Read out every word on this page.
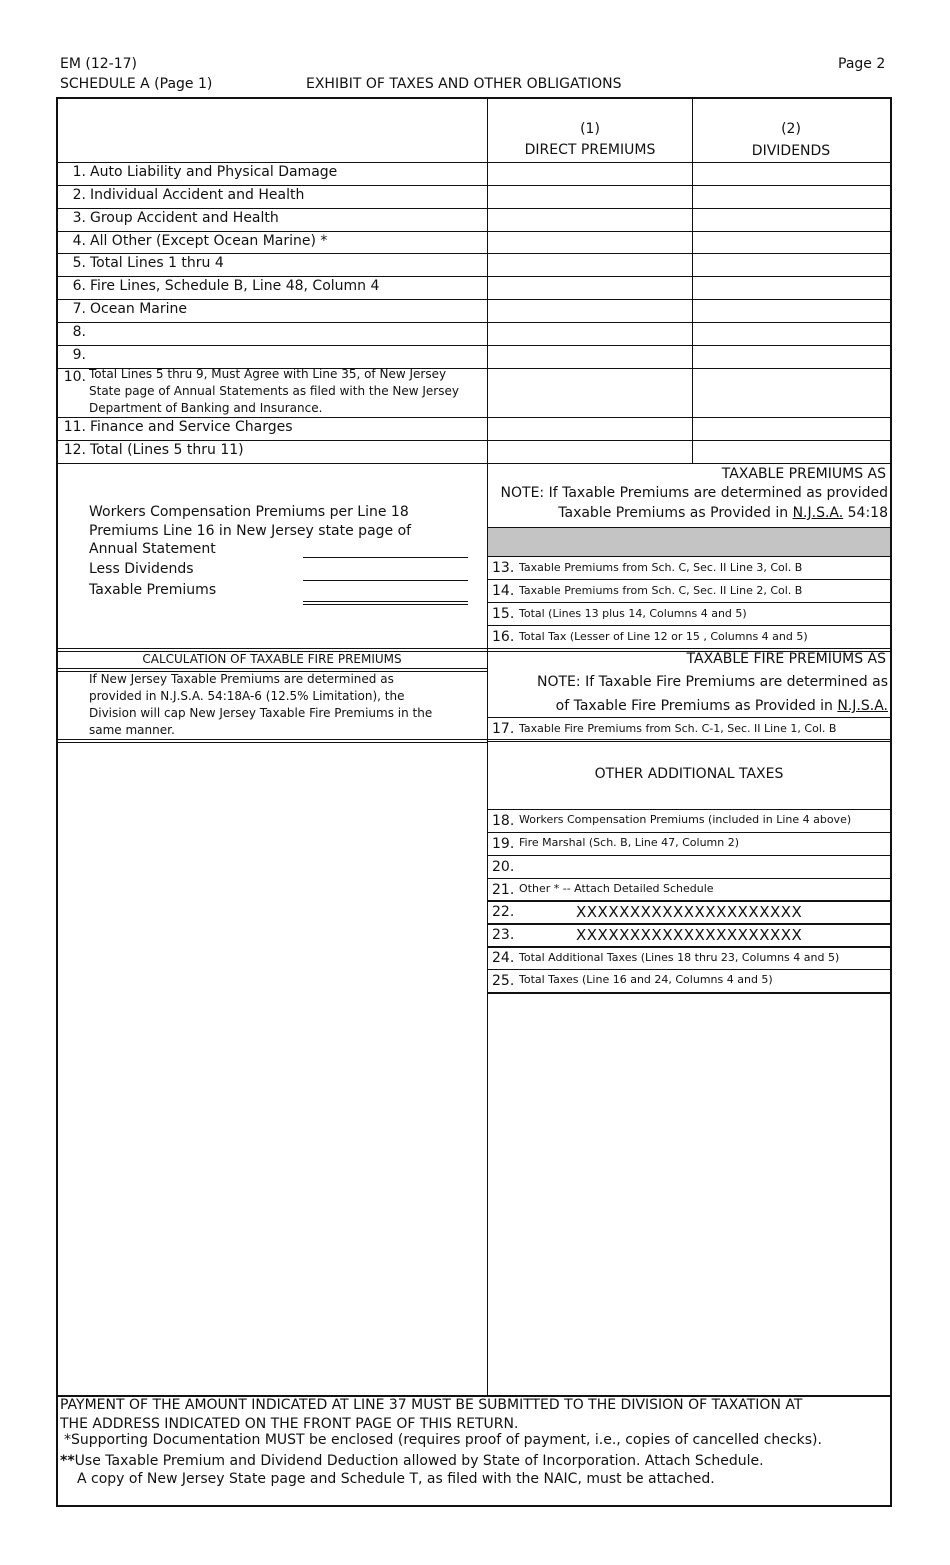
EM (12-17)	Page 2
SCHEDULE A (Page 1)	EXHIBIT OF TAXES AND OTHER OBLIGATIONS
(1)
DIRECT PREMIUMS
(2)
DIVIDENDS
1. Auto Liability and Physical Damage
2. Individual Accident and Health
3. Group Accident and Health
4. All Other (Except Ocean Marine) *
5. Total Lines 1 thru 4
6. Fire Lines, Schedule B, Line 48, Column 4
7. Ocean Marine
8.
9.
10. Total Lines 5 thru 9, Must Agree with Line 35, of New Jersey
State page of Annual Statements as filed with the New Jersey
Department of Banking and Insurance.
11. Finance and Service Charges
12. Total (Lines 5 thru 11)
Workers Compensation Premiums per Line 18
Premiums Line 16 in New Jersey state page of
Annual Statement
Less Dividends
Taxable Premiums
TAXABLE PREMIUMS AS
NOTE: If Taxable Premiums are determined as provided
Taxable Premiums as Provided in N.J.S.A. 54:18
13. Taxable Premiums from Sch. C, Sec. II Line 3, Col. B
14. Taxable Premiums from Sch. C, Sec. II Line 2, Col. B
15. Total (Lines 13 plus 14, Columns 4 and 5)
16. Total Tax (Lesser of Line 12 or 15 , Columns 4 and 5)
CALCULATION OF TAXABLE FIRE PREMIUMS
If New Jersey Taxable Premiums are determined as
provided in N.J.S.A. 54:18A-6 (12.5% Limitation), the
Division will cap New Jersey Taxable Fire Premiums in the
same manner.
TAXABLE FIRE PREMIUMS AS
NOTE: If Taxable Fire Premiums are determined as
of Taxable Fire Premiums as Provided in N.J.S.A.
17. Taxable Fire Premiums from Sch. C-1, Sec. II Line 1, Col. B
OTHER ADDITIONAL TAXES
18. Workers Compensation Premiums (included in Line 4 above)
19. Fire Marshal (Sch. B, Line 47, Column 2)
20.
21. Other * -- Attach Detailed Schedule
22.	XXXXXXXXXXXXXXXXXXXXX
23.	XXXXXXXXXXXXXXXXXXXXX
24. Total Additional Taxes (Lines 18 thru 23, Columns 4 and 5)
25. Total Taxes (Line 16 and 24, Columns 4 and 5)
PAYMENT OF THE AMOUNT INDICATED AT LINE 37 MUST BE SUBMITTED TO THE DIVISION OF TAXATION AT
THE ADDRESS INDICATED ON THE FRONT PAGE OF THIS RETURN.
*Supporting Documentation MUST be enclosed (requires proof of payment, i.e., copies of cancelled checks).
**Use Taxable Premium and Dividend Deduction allowed by State of Incorporation. Attach Schedule.
A copy of New Jersey State page and Schedule T, as filed with the NAIC, must be attached.
